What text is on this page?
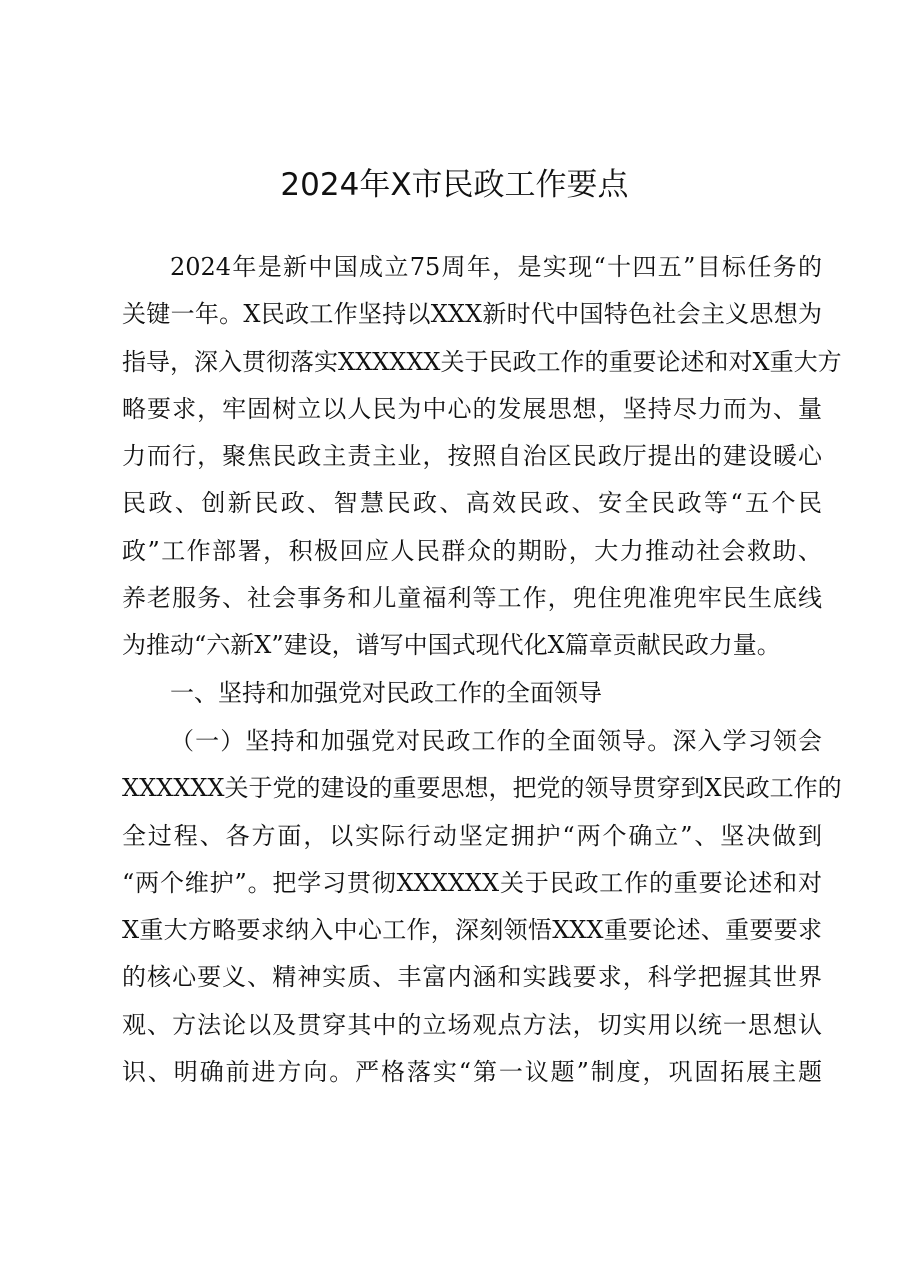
2024年X市民政工作要点
2024年是新中国成立75周年，是实现“十四五”目标任务的
关键一年。X民政工作坚持以XXX新时代中国特色社会主义思想为
指导，深入贯彻落实XXXXXX关于民政工作的重要论述和对X重大方
略要求，牢固树立以人民为中心的发展思想，坚持尽力而为、量
力而行，聚焦民政主责主业，按照自治区民政厅提出的建设暖心
民政、创新民政、智慧民政、高效民政、安全民政等“五个民
政”工作部署，积极回应人民群众的期盼，大力推动社会救助、
养老服务、社会事务和儿童福利等工作，兜住兜准兜牢民生底线
为推动“六新X”建设，谱写中国式现代化X篇章贡献民政力量。
一、坚持和加强党对民政工作的全面领导
（一）坚持和加强党对民政工作的全面领导。深入学习领会
XXXXXX关于党的建设的重要思想，把党的领导贯穿到X民政工作的
全过程、各方面，以实际行动坚定拥护“两个确立”、坚决做到
“两个维护”。把学习贯彻XXXXXX关于民政工作的重要论述和对
X重大方略要求纳入中心工作，深刻领悟XXX重要论述、重要要求
的核心要义、精神实质、丰富内涵和实践要求，科学把握其世界
观、方法论以及贯穿其中的立场观点方法，切实用以统一思想认
识、明确前进方向。严格落实“第一议题”制度，巩固拓展主题
